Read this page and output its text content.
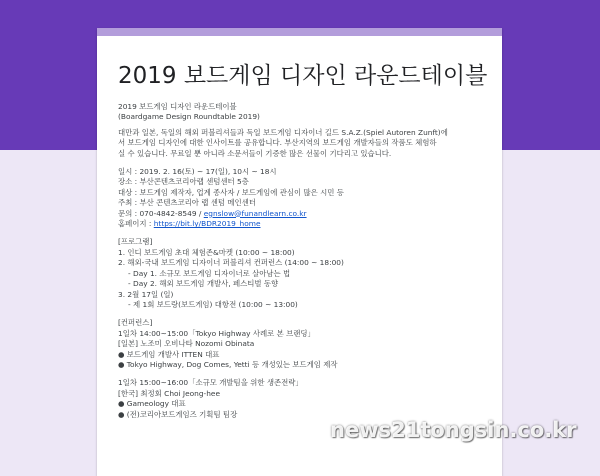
2019 보드게임 디자인 라운드테이블

2019 보드게임 디자인 라운드테이블

(Boardgame Design Roundtable 2019)

대만과 일본, 독일의 해외 퍼블리셔들과 독일 보드게임 디자이너 길드 S.A.Z.(Spiel Autoren Zunft)에

서 보드게임 디자인에 대한 인사이트를 공유합니다. 부산지역의 보드게임 개발자들의 작품도 체험하

실 수 있습니다. 무료일 뿐 아니라 소문서들이 기증한 많은 선물이 기다리고 있습니다.

일시 : 2019. 2. 16(토) ~ 17(일), 10시 ~ 18시

장소 : 부산콘텐츠코리아랩 센텀센터 5층

대상 : 보드게임 제작자, 업계 종사자 / 보드게임에 관심이 많은 시민 등

주최 : 부산 콘텐츠코리아 랩 센텀 메인센터

문의 : 070-4842-8549 / egnslow@funandlearn.co.kr

홈페이지 : https://bit.ly/BDR2019_home

[프로그램]

1. 인디 보드게임 초대 체험존&마켓 (10:00 ~ 18:00)

2. 해외-국내 보드게임 디자이너 퍼블리셔 컨퍼런스 (14:00 ~ 18:00)

- Day 1. 소규모 보드게임 디자이너로 살아남는 법

- Day 2. 해외 보드게임 개발사, 페스티벌 동향

3. 2월 17일 (일)

- 제 1회 보드랑(보드게임) 대항전 (10:00 ~ 13:00)

[컨퍼런스]

1일차 14:00~15:00「Tokyo Highway 사례로 본 브랜딩」

[일본] 노조미 오비나타 Nozomi Obinata

● 보드게임 개발사 ITTEN 대표

● Tokyo Highway, Dog Comes, Yetti 등 개성있는 보드게임 제작

1일차 15:00~16:00「소규모 개발팀을 위한 생존전략」

[한국] 최정회 Choi Jeong-hee

● Gameology 대표

● (전)코리아보드게임즈 기획팀 팀장

news21tongsin.co.kr
